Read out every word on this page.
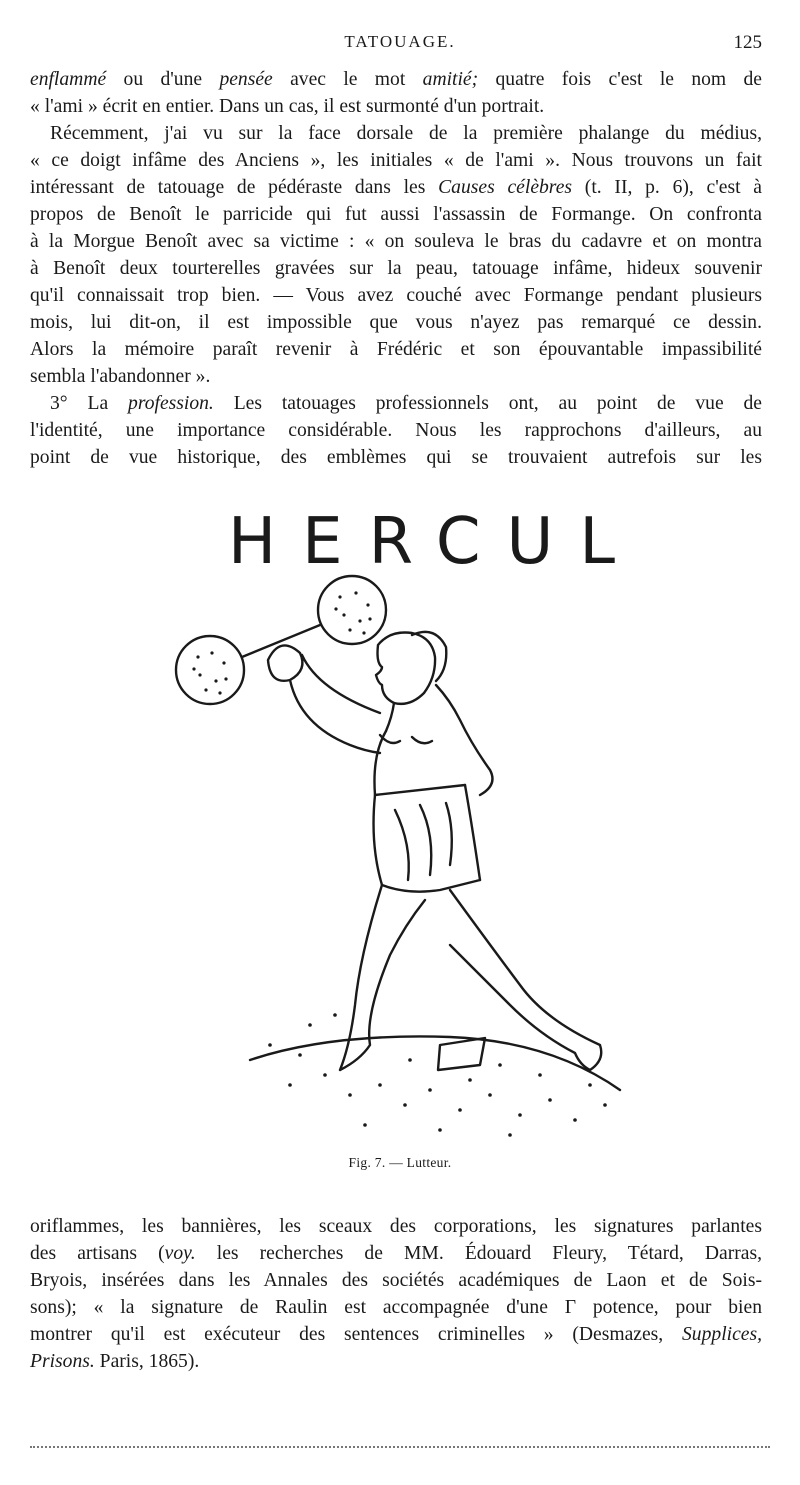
TATOUAGE.	125

enflammé ou d'une pensée avec le mot amitié; quatre fois c'est le nom de
« l'ami » écrit en entier. Dans un cas, il est surmonté d'un portrait.

Récemment, j'ai vu sur la face dorsale de la première phalange du médius,
« ce doigt infâme des Anciens », les initiales « de l'ami ». Nous trouvons un fait
intéressant de tatouage de pédéraste dans les Causes célèbres (t. II, p. 6), c'est à
propos de Benoît le parricide qui fut aussi l'assassin de Formange. On confronta
à la Morgue Benoît avec sa victime : « on souleva le bras du cadavre et on montra
à Benoît deux tourterelles gravées sur la peau, tatouage infâme, hideux souvenir
qu'il connaissait trop bien. — Vous avez couché avec Formange pendant plusieurs
mois, lui dit-on, il est impossible que vous n'ayez pas remarqué ce dessin.
Alors la mémoire paraît revenir à Frédéric et son épouvantable impassibilité
sembla l'abandonner ».

3° La profession. Les tatouages professionnels ont, au point de vue de
l'identité, une importance considérable. Nous les rapprochons d'ailleurs, au
point de vue historique, des emblèmes qui se trouvaient autrefois sur les

HERCUL
Fig. 7. — Lutteur.

oriflammes, les bannières, les sceaux des corporations, les signatures parlantes
des artisans (voy. les recherches de MM. Édouard Fleury, Tétard, Darras,
Bryois, insérées dans les Annales des sociétés académiques de Laon et de Sois-
sons); « la signature de Raulin est accompagnée d'une Γ potence, pour bien
montrer qu'il est exécuteur des sentences criminelles » (Desmazes, Supplices,
Prisons. Paris, 1865).
